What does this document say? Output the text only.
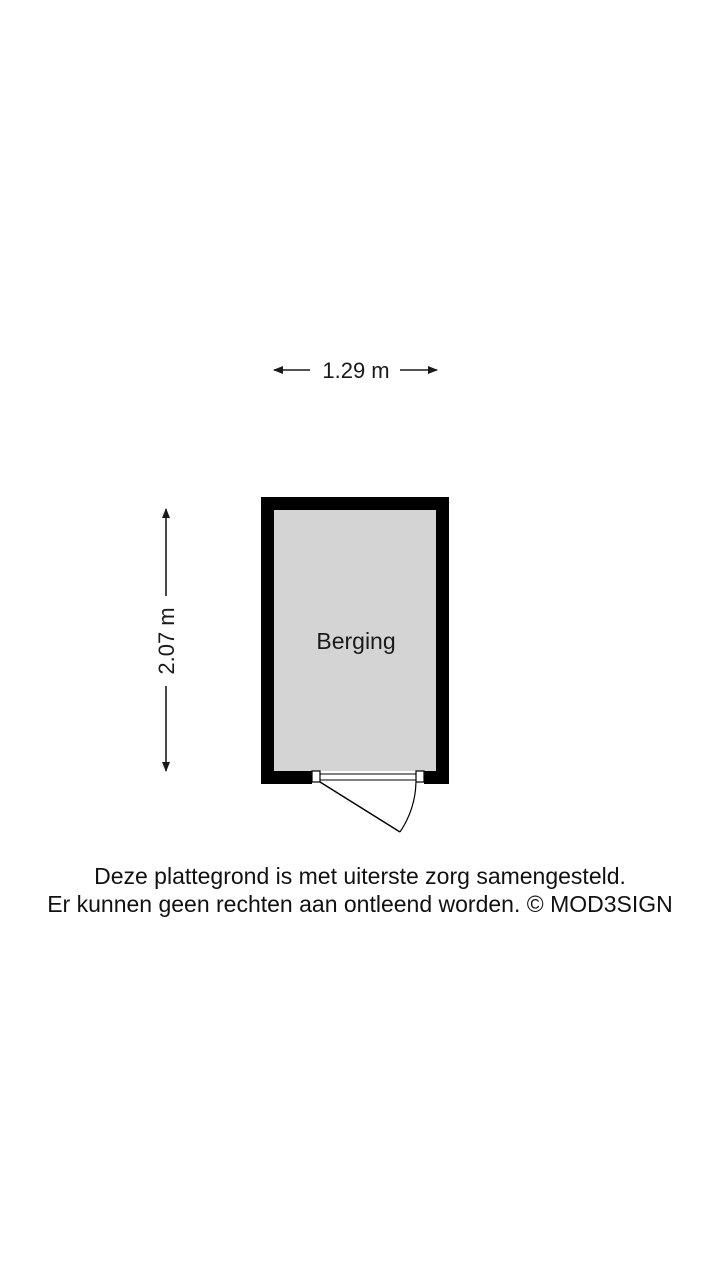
1.29 m
2.07 m	Berging
Deze plattegrond is met uiterste zorg samengesteld.
Er kunnen geen rechten aan ontleend worden. © MOD3SIGN
